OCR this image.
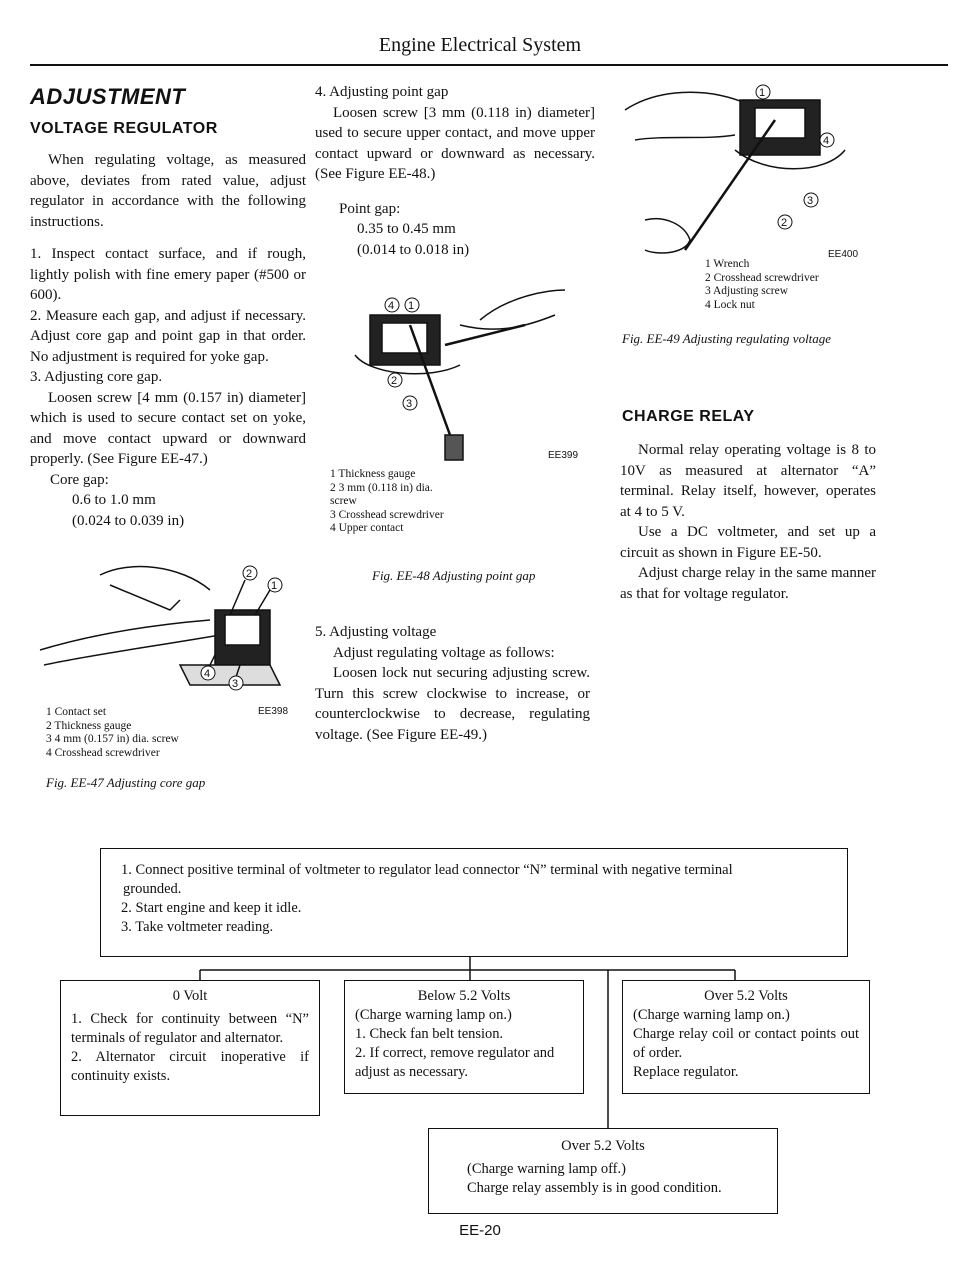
Engine Electrical System
ADJUSTMENT
VOLTAGE REGULATOR

When regulating voltage, as measured above, deviates from rated value, adjust regulator in accordance with the following instructions.

1. Inspect contact surface, and if rough, lightly polish with fine emery paper (#500 or 600).

2. Measure each gap, and adjust if necessary. Adjust core gap and point gap in that order. No adjustment is required for yoke gap.

3. Adjusting core gap.

Loosen screw [4 mm (0.157 in) diameter] which is used to secure contact set on yoke, and move contact upward or downward properly. (See Figure EE-47.)

Core gap:

0.6 to 1.0 mm

(0.024 to 0.039 in)

2
1
4
3
EE398
1 Contact set
2 Thickness gauge
3 4 mm (0.157 in) dia. screw
4 Crosshead screwdriver
Fig. EE-47 Adjusting core gap

4. Adjusting point gap

Loosen screw [3 mm (0.118 in) diameter] used to secure upper contact, and move upper contact upward or downward as necessary. (See Figure EE-48.)

Point gap:

0.35 to 0.45 mm

(0.014 to 0.018 in)

4 1
2
3
EE399
1 Thickness gauge
2 3 mm (0.118 in) dia.
screw
3 Crosshead screwdriver
4 Upper contact
Fig. EE-48 Adjusting point gap

5. Adjusting voltage

Adjust regulating voltage as follows:

Loosen lock nut securing adjusting screw. Turn this screw clockwise to increase, or counterclockwise to decrease, regulating voltage. (See Figure EE-49.)

1
4
3
2
EE400
1 Wrench
2 Crosshead screwdriver
3 Adjusting screw
4 Lock nut
Fig. EE-49 Adjusting regulating voltage
CHARGE RELAY

Normal relay operating voltage is 8 to 10V as measured at alternator “A” terminal. Relay itself, however, operates at 4 to 5 V.

Use a DC voltmeter, and set up a circuit as shown in Figure EE-50.

Adjust charge relay in the same manner as that for voltage regulator.

1. Connect positive terminal of voltmeter to regulator lead connector “N” terminal with negative terminal
grounded.
2. Start engine and keep it idle.
3. Take voltmeter reading.
0 Volt
1. Check for continuity between “N” terminals of regulator and alternator.
2. Alternator circuit inoperative if continuity exists.
Below 5.2 Volts
(Charge warning lamp on.)
1. Check fan belt tension.
2. If correct, remove regulator and adjust as necessary.
Over 5.2 Volts
(Charge warning lamp on.)
Charge relay coil or contact points out of order.
Replace regulator.
Over 5.2 Volts
(Charge warning lamp off.)
Charge relay assembly is in good condition.
EE-20
